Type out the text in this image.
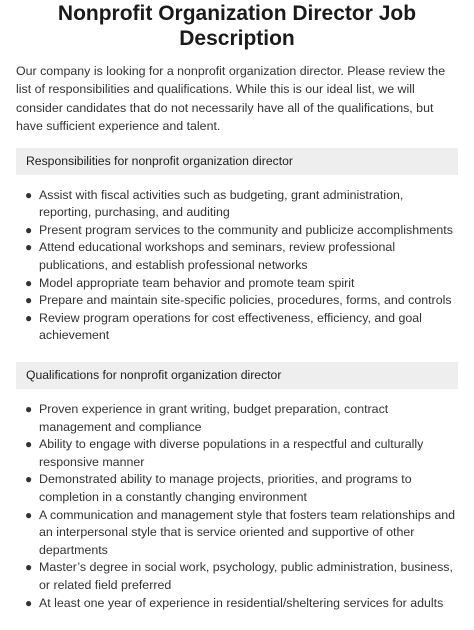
Nonprofit Organization Director Job Description

Our company is looking for a nonprofit organization director. Please review the list of responsibilities and qualifications. While this is our ideal list, we will consider candidates that do not necessarily have all of the qualifications, but have sufficient experience and talent.

Responsibilities for nonprofit organization director
● Assist with fiscal activities such as budgeting, grant administration, reporting, purchasing, and auditing
● Present program services to the community and publicize accomplishments
● Attend educational workshops and seminars, review professional publications, and establish professional networks
● Model appropriate team behavior and promote team spirit
● Prepare and maintain site-specific policies, procedures, forms, and controls
● Review program operations for cost effectiveness, efficiency, and goal achievement
Qualifications for nonprofit organization director
● Proven experience in grant writing, budget preparation, contract management and compliance
● Ability to engage with diverse populations in a respectful and culturally responsive manner
● Demonstrated ability to manage projects, priorities, and programs to completion in a constantly changing environment
● A communication and management style that fosters team relationships and an interpersonal style that is service oriented and supportive of other departments
● Master’s degree in social work, psychology, public administration, business, or related field preferred
● At least one year of experience in residential/sheltering services for adults
